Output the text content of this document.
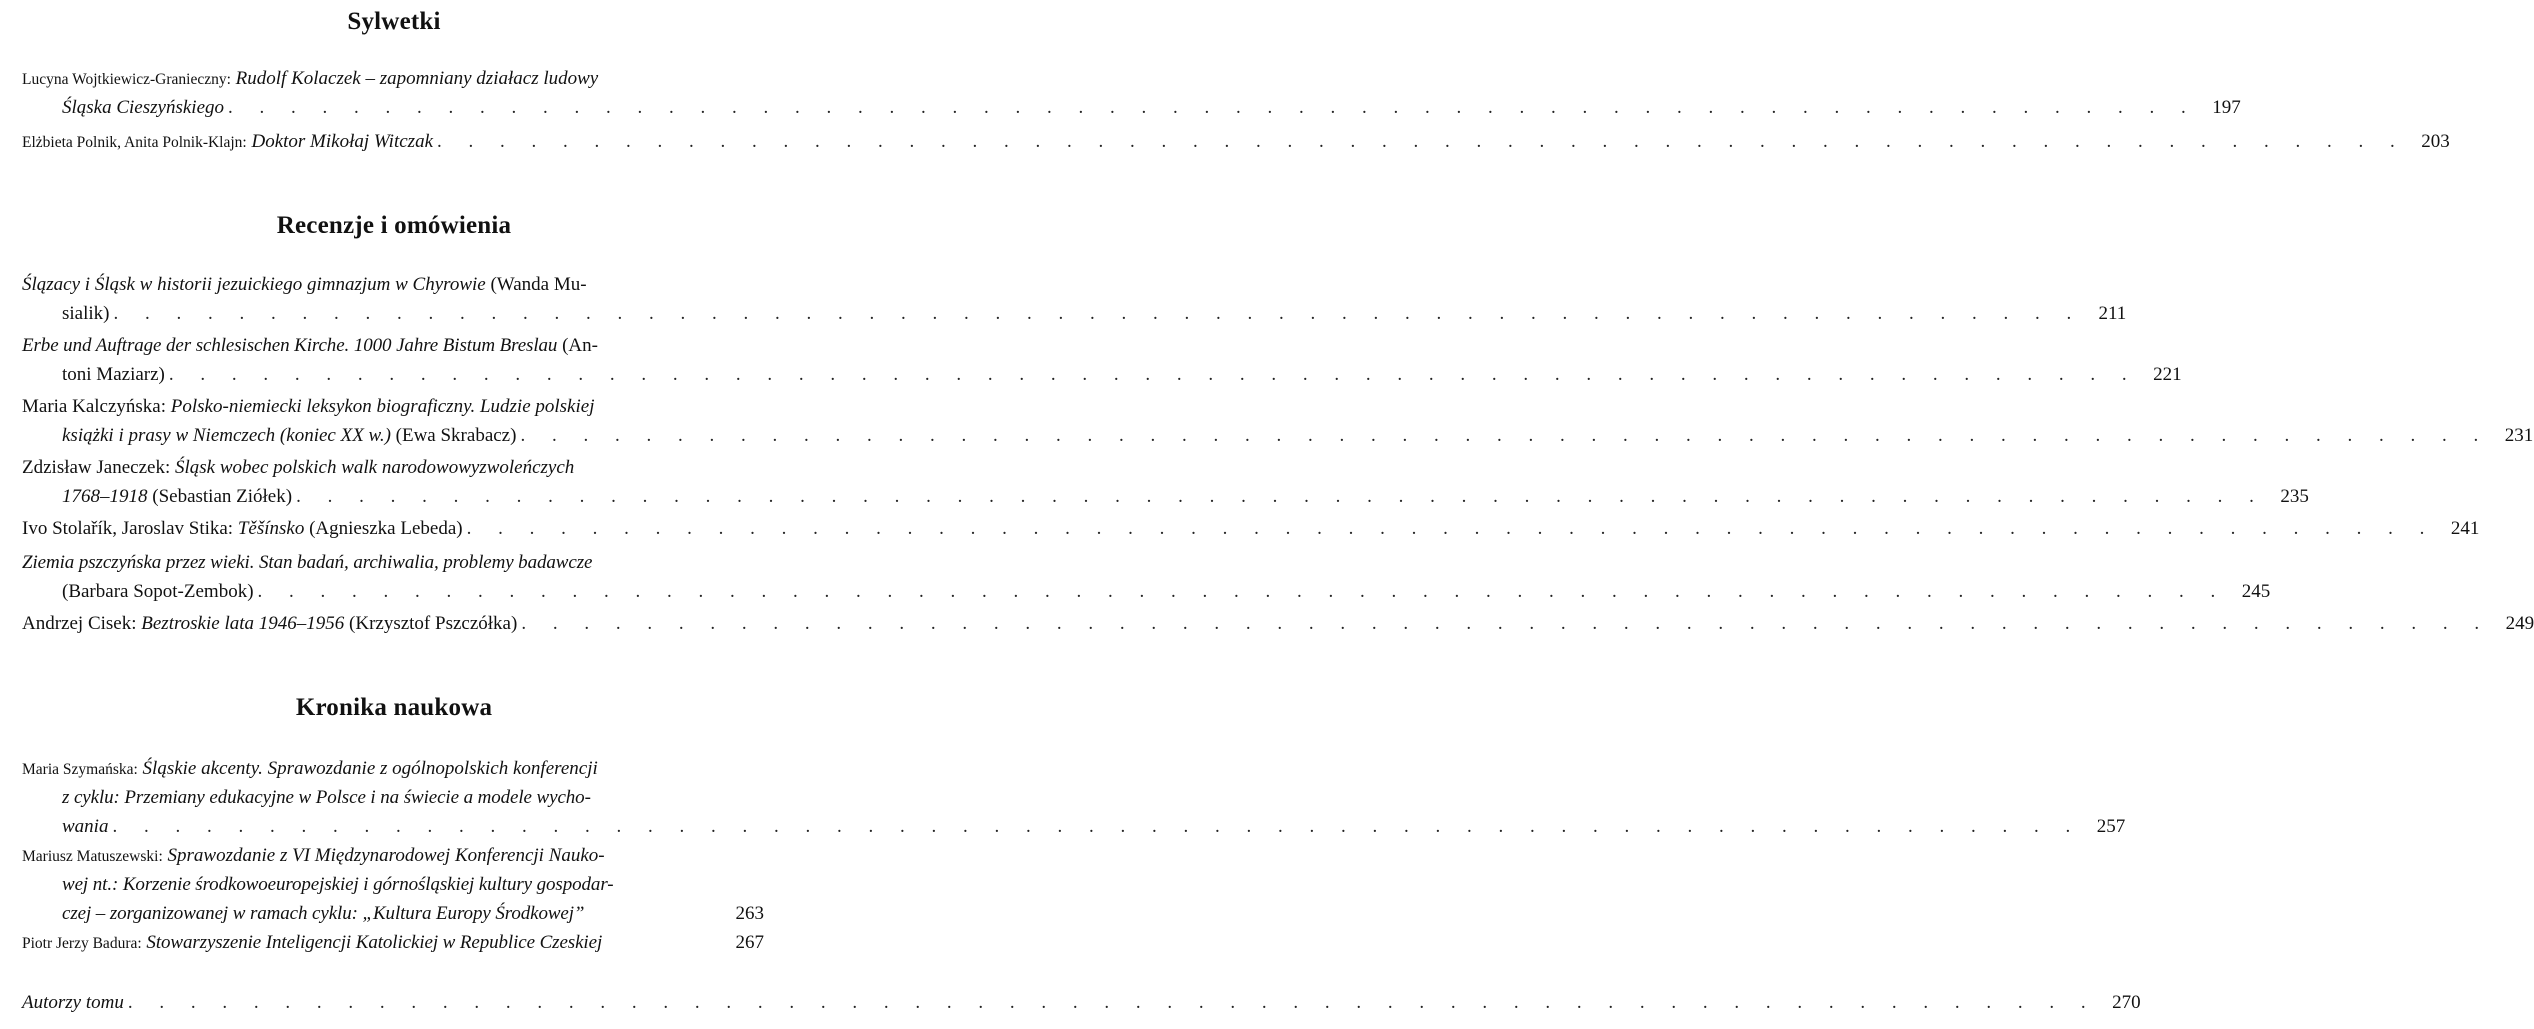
Sylwetki
Lucyna Wojtkiewicz-Granieczny: Rudolf Kolaczek – zapomniany działacz ludowy
Śląska Cieszyńskiego . . . . . . . . . . . . . . . . . . . . . . . . . . . . . . . . . . . . . . . . . . . . . . . . . . . . . . . . . . . . . . . 197
Elżbieta Polnik, Anita Polnik-Klajn: Doktor Mikołaj Witczak . . . . . . . . . . . . . . . . . . . . . . . . . . . . . . . . . . . . . . . . . . . . . . . . . . . . . . . . . . . . . . . 203
Recenzje i omówienia
Ślązacy i Śląsk w historii jezuickiego gimnazjum w Chyrowie (Wanda Mu-
sialik) . . . . . . . . . . . . . . . . . . . . . . . . . . . . . . . . . . . . . . . . . . . . . . . . . . . . . . . . . . . . . . . 211
Erbe und Auftrage der schlesischen Kirche. 1000 Jahre Bistum Breslau (An-
toni Maziarz) . . . . . . . . . . . . . . . . . . . . . . . . . . . . . . . . . . . . . . . . . . . . . . . . . . . . . . . . . . . . . . . 221
Maria Kalczyńska: Polsko-niemiecki leksykon biograficzny. Ludzie polskiej
książki i prasy w Niemczech (koniec XX w.) (Ewa Skrabacz) . . . . . . . . . . . . . . . . . . . . . . . . . . . . . . . . . . . . . . . . . . . . . . . . . . . . . . . . . . . . . . . 231
Zdzisław Janeczek: Śląsk wobec polskich walk narodowowyzwoleńczych
1768–1918 (Sebastian Ziółek) . . . . . . . . . . . . . . . . . . . . . . . . . . . . . . . . . . . . . . . . . . . . . . . . . . . . . . . . . . . . . . . 235
Ivo Stolařík, Jaroslav Stika: Těšínsko (Agnieszka Lebeda) . . . . . . . . . . . . . . . . . . . . . . . . . . . . . . . . . . . . . . . . . . . . . . . . . . . . . . . . . . . . . . . 241
Ziemia pszczyńska przez wieki. Stan badań, archiwalia, problemy badawcze
(Barbara Sopot-Zembok) . . . . . . . . . . . . . . . . . . . . . . . . . . . . . . . . . . . . . . . . . . . . . . . . . . . . . . . . . . . . . . . 245
Andrzej Cisek: Beztroskie lata 1946–1956 (Krzysztof Pszczółka) . . . . . . . . . . . . . . . . . . . . . . . . . . . . . . . . . . . . . . . . . . . . . . . . . . . . . . . . . . . . . . . 249
Kronika naukowa
Maria Szymańska: Śląskie akcenty. Sprawozdanie z ogólnopolskich konferencji
z cyklu: Przemiany edukacyjne w Polsce i na świecie a modele wycho-
wania . . . . . . . . . . . . . . . . . . . . . . . . . . . . . . . . . . . . . . . . . . . . . . . . . . . . . . . . . . . . . . . 257
Mariusz Matuszewski: Sprawozdanie z VI Międzynarodowej Konferencji Nauko-
wej nt.: Korzenie środkowoeuropejskiej i górnośląskiej kultury gospodar-
czej – zorganizowanej w ramach cyklu: „Kultura Europy Środkowej”	263
Piotr Jerzy Badura: Stowarzyszenie Inteligencji Katolickiej w Republice Czeskiej	267
Autorzy tomu . . . . . . . . . . . . . . . . . . . . . . . . . . . . . . . . . . . . . . . . . . . . . . . . . . . . . . . . . . . . . . . 270
